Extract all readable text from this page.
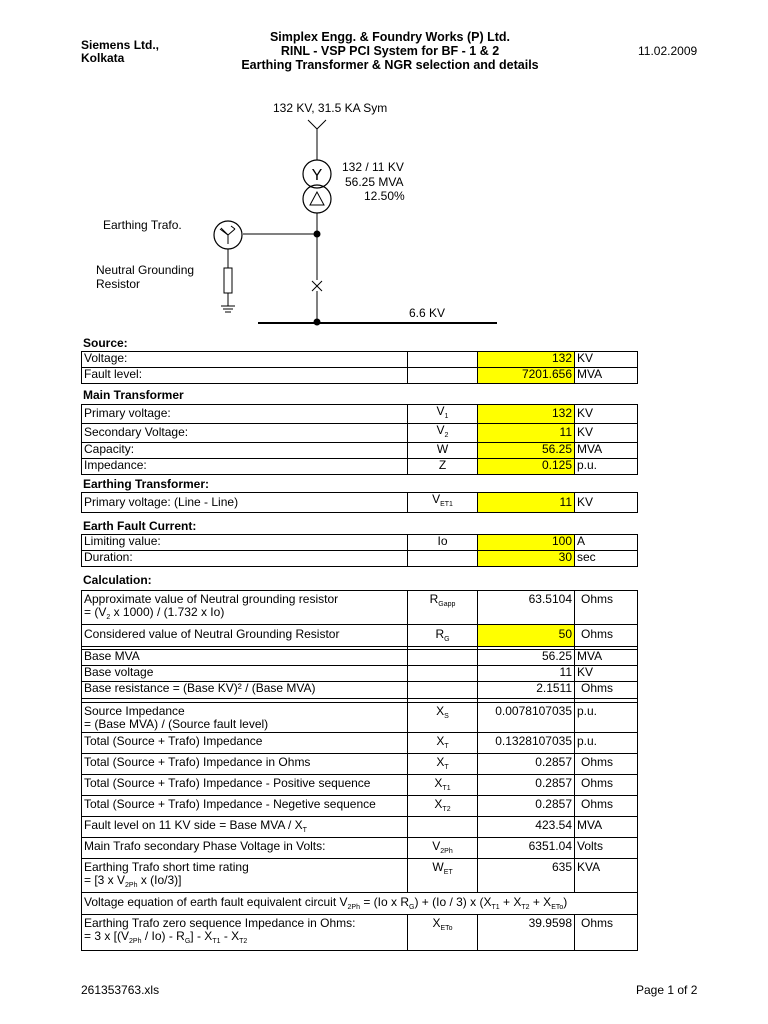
Siemens Ltd.,
Kolkata
Simplex Engg. & Foundry Works (P) Ltd.
RINL - VSP PCI System for BF - 1 & 2
Earthing Transformer & NGR selection and details
11.02.2009
Y
132 KV, 31.5 KA Sym
132 / 11 KV
56.25 MVA
12.50%
Earthing Trafo.
Neutral Grounding
Resistor
6.6 KV
Source:
Voltage:		132	KV
Fault level:		7201.656	MVA
Main Transformer
Primary voltage:	$V_1$	132	KV
Secondary Voltage:	$V_2$	11	KV
Capacity:	W	56.25	MVA
Impedance:	Z	0.125	p.u.
Earthing Transformer:
Primary voltage: (Line - Line)	$V_{ET1}$	11	KV
Earth Fault Current:
Limiting value:	Io	100	A
Duration:		30	sec
Calculation:
Approximate value of Neutral grounding resistor
= ($V_2$ x 1000) / (1.732 x Io)	$R_{Gapp}$	63.5104	Ohms
Considered value of Neutral Grounding Resistor	$R_G$	50	Ohms

Base MVA		56.25	MVA
Base voltage		11	KV
Base resistance = (Base KV)² / (Base MVA)		2.1511	Ohms

Source Impedance
= (Base MVA) / (Source fault level)	$X_S$	0.0078107035	p.u.
Total (Source + Trafo) Impedance	$X_T$	0.1328107035	p.u.
Total (Source + Trafo) Impedance in Ohms	$X_T$	0.2857	Ohms
Total (Source + Trafo) Impedance - Positive sequence	$X_{T1}$	0.2857	Ohms
Total (Source + Trafo) Impedance - Negetive sequence	$X_{T2}$	0.2857	Ohms
Fault level on 11 KV side = Base MVA / $X_T$		423.54	MVA
Main Trafo secondary Phase Voltage in Volts:	$V_{2Ph}$	6351.04	Volts

Earthing Trafo short time rating
= [3 x $V_{2Ph}$ x (Io/3)]	$W_{ET}$	635	KVA
Voltage equation of earth fault equivalent circuit $V_{2Ph} = (Io$ x $R_G) + (Io / 3)$ x $(X_{T1} + X_{T2} + X_{ETo})$			

Earthing Trafo zero sequence Impedance in Ohms:
= 3 x $[(V_{2Ph} / Io) - R_G] - X_{T1} - X_{T2}$	$X_{ETo}$	39.9598	Ohms
261353763.xls	Page 1 of 2
